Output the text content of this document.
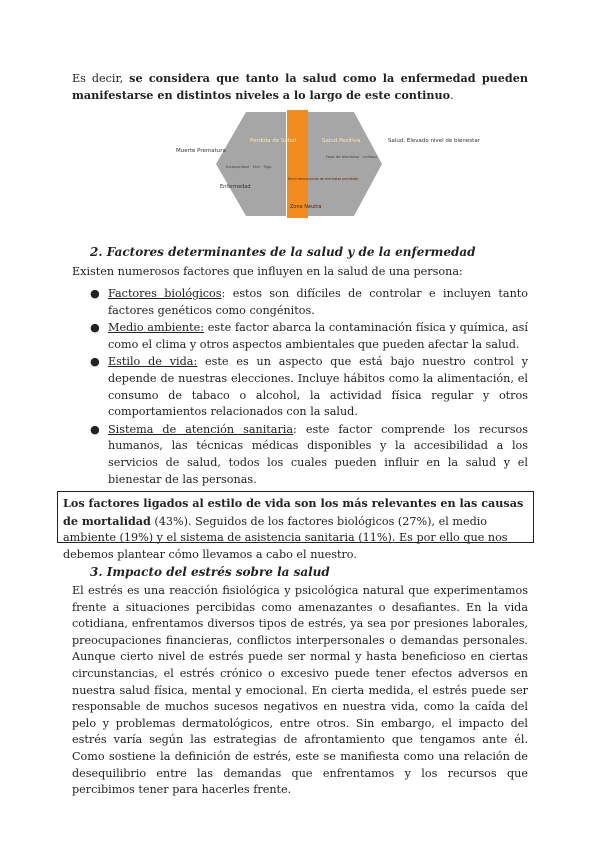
Es decir, se considera que tanto la salud como la enfermedad pueden manifestarse en distintos niveles a lo largo de este continuo.

Muerte Prematura
Salud, Elevado nivel de bienestar
Pérdida de Salud	Salud Positiva
Incapacidad · Sínt · Sigs
Fase de bienestar · calidad
Enfermedad
Nivel desconocido de bienestar percibido
Zona Neutra
2. Factores determinantes de la salud y de la enfermedad

Existen numerosos factores que influyen en la salud de una persona:

● Factores biológicos: estos son difíciles de controlar e incluyen tanto factores genéticos como congénitos.
● Medio ambiente: este factor abarca la contaminación física y química, así como el clima y otros aspectos ambientales que pueden afectar la salud.
● Estilo de vida: este es un aspecto que está bajo nuestro control y depende de nuestras elecciones. Incluye hábitos como la alimentación, el consumo de tabaco o alcohol, la actividad física regular y otros comportamientos relacionados con la salud.
● Sistema de atención sanitaria: este factor comprende los recursos humanos, las técnicas médicas disponibles y la accesibilidad a los servicios de salud, todos los cuales pueden influir en la salud y el bienestar de las personas.
Los factores ligados al estilo de vida son los más relevantes en las causas de mortalidad (43%). Seguidos de los factores biológicos (27%), el medio ambiente (19%) y el sistema de asistencia sanitaria (11%). Es por ello que nos debemos plantear cómo llevamos a cabo el nuestro.
3. Impacto del estrés sobre la salud

El estrés es una reacción fisiológica y psicológica natural que experimentamos frente a situaciones percibidas como amenazantes o desafiantes. En la vida cotidiana, enfrentamos diversos tipos de estrés, ya sea por presiones laborales, preocupaciones financieras, conflictos interpersonales o demandas personales. Aunque cierto nivel de estrés puede ser normal y hasta beneficioso en ciertas circunstancias, el estrés crónico o excesivo puede tener efectos adversos en nuestra salud física, mental y emocional. En cierta medida, el estrés puede ser responsable de muchos sucesos negativos en nuestra vida, como la caída del pelo y problemas dermatológicos, entre otros. Sin embargo, el impacto del estrés varía según las estrategias de afrontamiento que tengamos ante él. Como sostiene la definición de estrés, este se manifiesta como una relación de desequilibrio entre las demandas que enfrentamos y los recursos que percibimos tener para hacerles frente.
